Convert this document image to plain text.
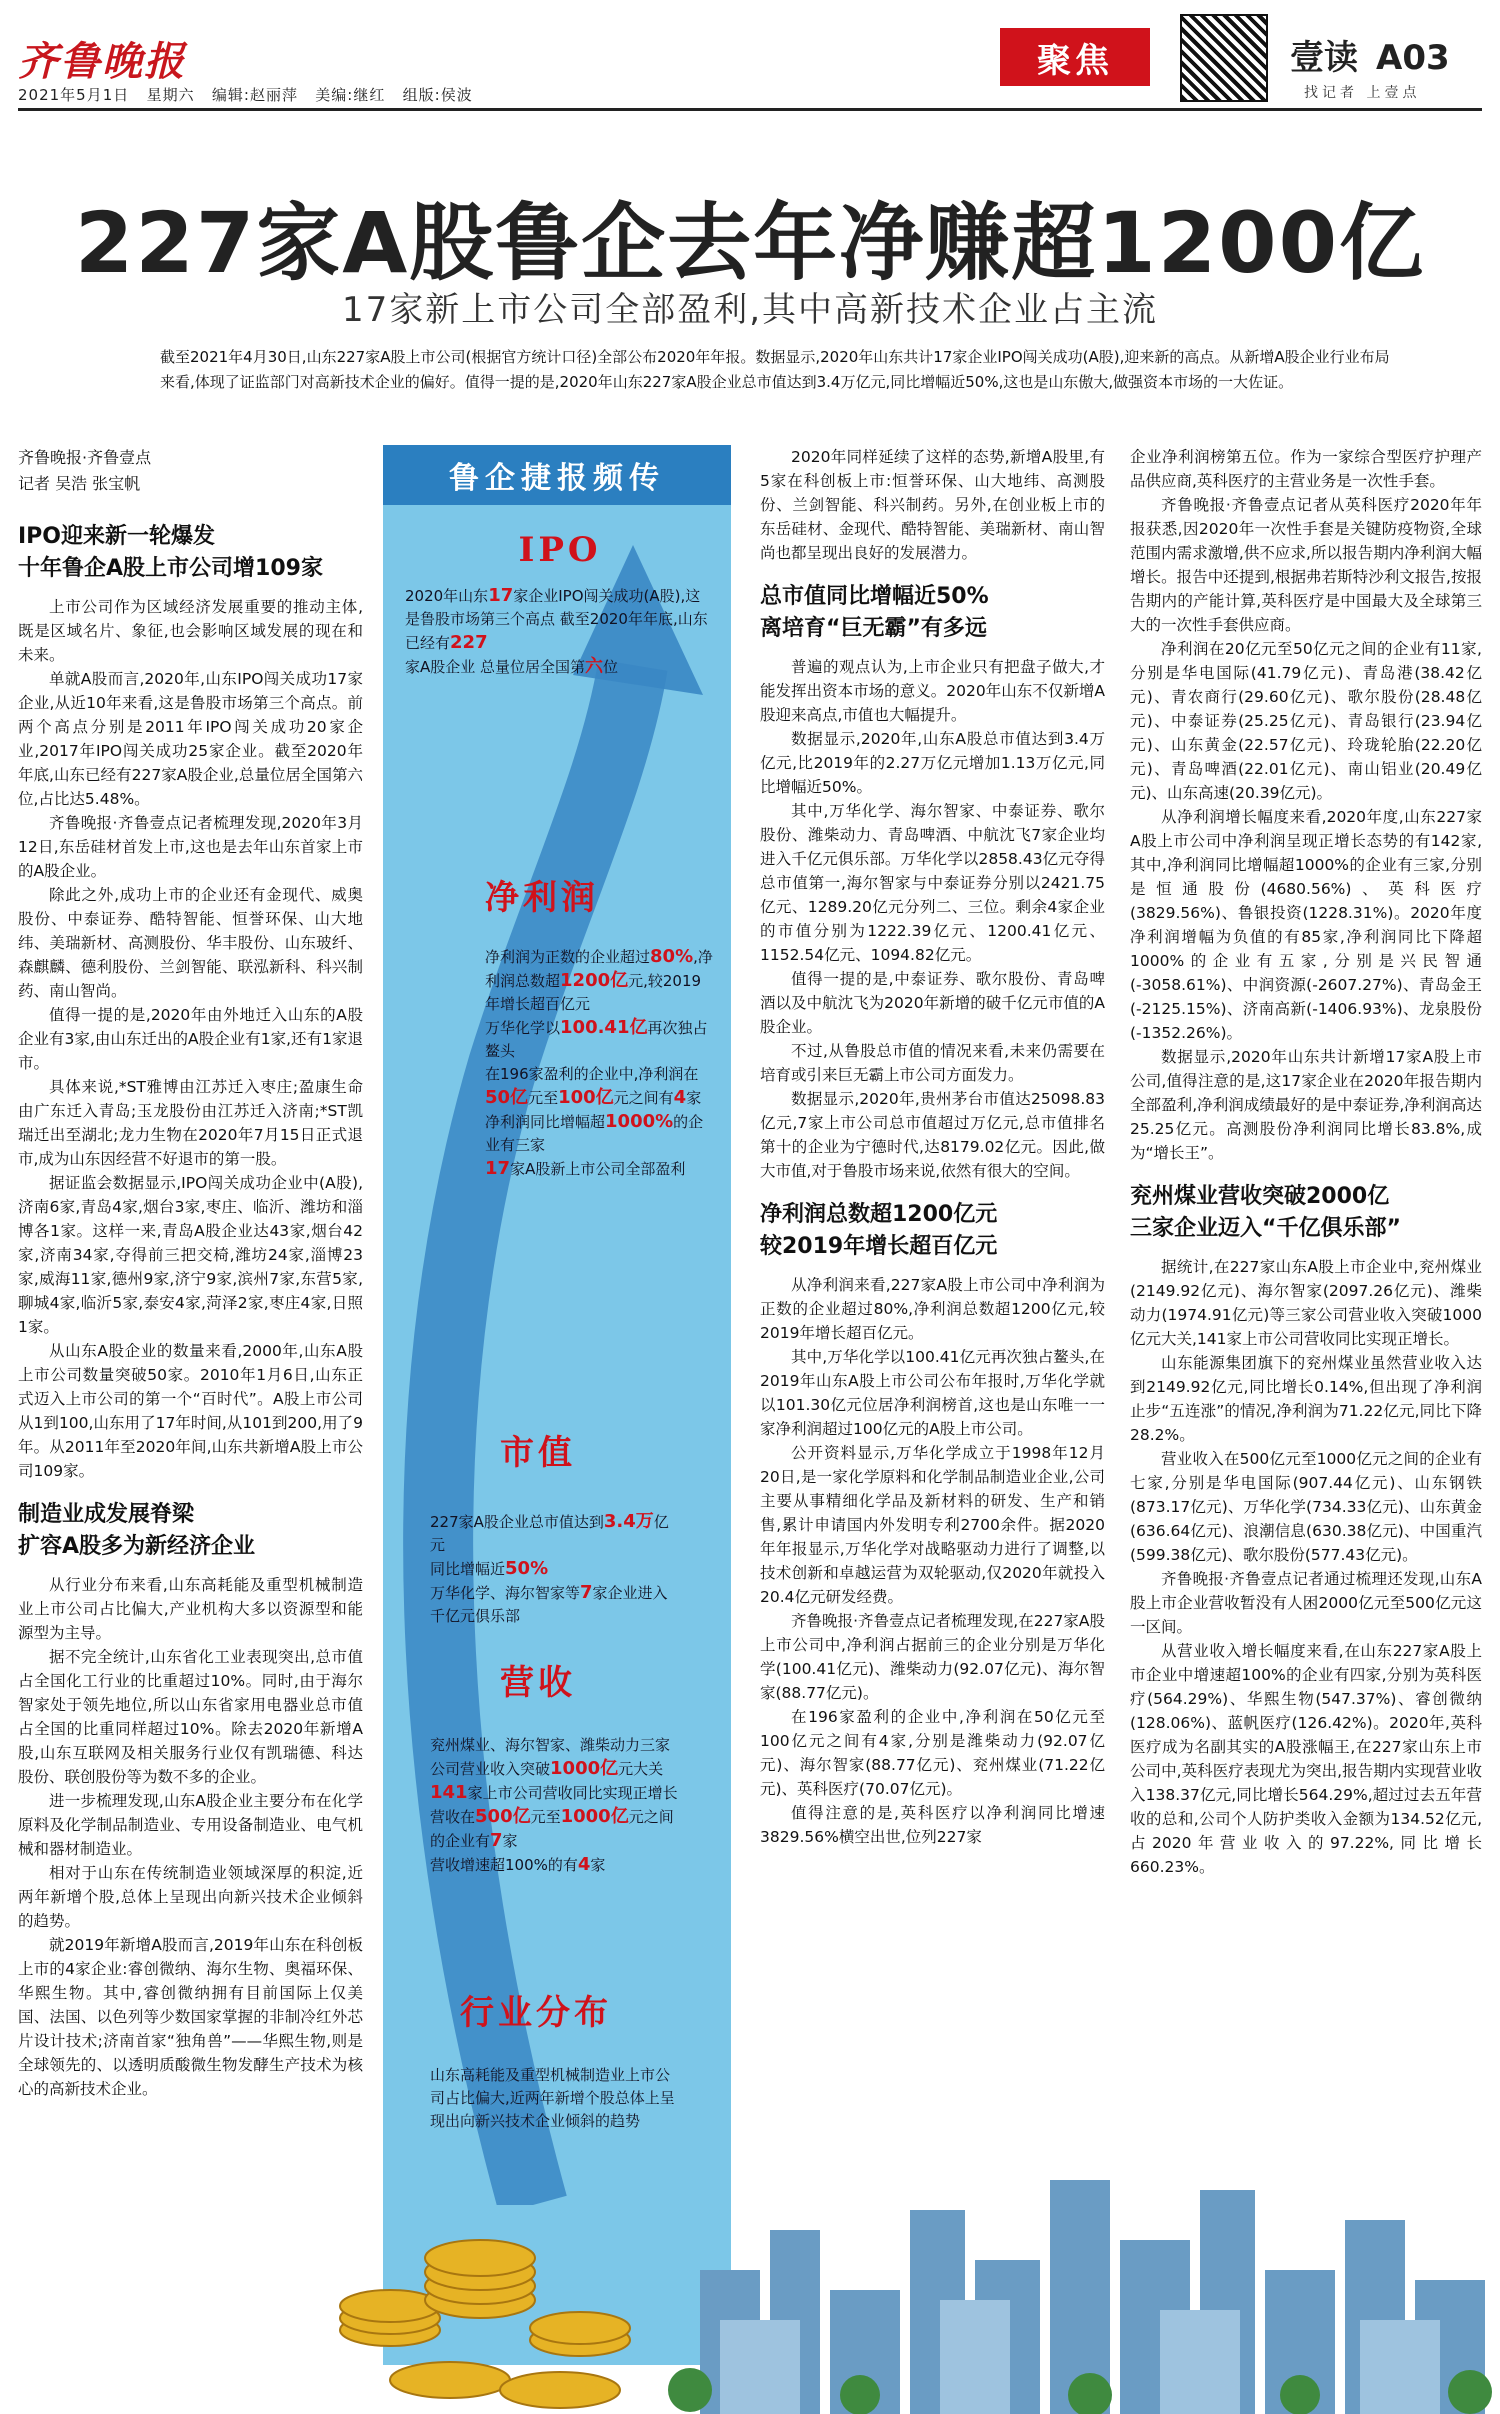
齐鲁晚报
2021年5月1日 星期六 编辑:赵丽萍 美编:继红 组版:侯波
聚焦	壹读 A03
找记者 上壹点
227家A股鲁企去年净赚超1200亿
17家新上市公司全部盈利,其中高新技术企业占主流
截至2021年4月30日,山东227家A股上市公司(根据官方统计口径)全部公布2020年年报。数据显示,2020年山东共计17家企业IPO闯关成功(A股),迎来新的高点。从新增A股企业行业布局来看,体现了证监部门对高新技术企业的偏好。值得一提的是,2020年山东227家A股企业总市值达到3.4万亿元,同比增幅近50%,这也是山东傲大,做强资本市场的一大佐证。
齐鲁晚报·齐鲁壹点
记者 吴浩 张宝帆
IPO迎来新一轮爆发
十年鲁企A股上市公司增109家

上市公司作为区域经济发展重要的推动主体,既是区域名片、象征,也会影响区域发展的现在和未来。

单就A股而言,2020年,山东IPO闯关成功17家企业,从近10年来看,这是鲁股市场第三个高点。前两个高点分别是2011年IPO闯关成功20家企业,2017年IPO闯关成功25家企业。截至2020年年底,山东已经有227家A股企业,总量位居全国第六位,占比达5.48%。

齐鲁晚报·齐鲁壹点记者梳理发现,2020年3月12日,东岳硅材首发上市,这也是去年山东首家上市的A股企业。

除此之外,成功上市的企业还有金现代、威奥股份、中泰证券、酷特智能、恒誉环保、山大地纬、美瑞新材、高测股份、华丰股份、山东玻纤、森麒麟、德利股份、兰剑智能、联泓新科、科兴制药、南山智尚。

值得一提的是,2020年由外地迁入山东的A股企业有3家,由山东迁出的A股企业有1家,还有1家退市。

具体来说,*ST雅博由江苏迁入枣庄;盈康生命由广东迁入青岛;玉龙股份由江苏迁入济南;*ST凯瑞迁出至湖北;龙力生物在2020年7月15日正式退市,成为山东因经营不好退市的第一股。

据证监会数据显示,IPO闯关成功企业中(A股),济南6家,青岛4家,烟台3家,枣庄、临沂、潍坊和淄博各1家。这样一来,青岛A股企业达43家,烟台42家,济南34家,夺得前三把交椅,潍坊24家,淄博23家,威海11家,德州9家,济宁9家,滨州7家,东营5家,聊城4家,临沂5家,泰安4家,菏泽2家,枣庄4家,日照1家。

从山东A股企业的数量来看,2000年,山东A股上市公司数量突破50家。2010年1月6日,山东正式迈入上市公司的第一个“百时代”。A股上市公司从1到100,山东用了17年时间,从101到200,用了9年。从2011年至2020年间,山东共新增A股上市公司109家。

制造业成发展脊梁
扩容A股多为新经济企业

从行业分布来看,山东高耗能及重型机械制造业上市公司占比偏大,产业机构大多以资源型和能源型为主导。

据不完全统计,山东省化工业表现突出,总市值占全国化工行业的比重超过10%。同时,由于海尔智家处于领先地位,所以山东省家用电器业总市值占全国的比重同样超过10%。除去2020年新增A股,山东互联网及相关服务行业仅有凯瑞德、科达股份、联创股份等为数不多的企业。

进一步梳理发现,山东A股企业主要分布在化学原料及化学制品制造业、专用设备制造业、电气机械和器材制造业。

相对于山东在传统制造业领域深厚的积淀,近两年新增个股,总体上呈现出向新兴技术企业倾斜的趋势。

就2019年新增A股而言,2019年山东在科创板上市的4家企业:睿创微纳、海尔生物、奥福环保、华熙生物。其中,睿创微纳拥有目前国际上仅美国、法国、以色列等少数国家掌握的非制冷红外芯片设计技术;济南首家“独角兽”——华熙生物,则是全球领先的、以透明质酸微生物发酵生产技术为核心的高新技术企业。

鲁企捷报频传
IPO
2020年山东17家企业IPO闯关成功(A股),这是鲁股市场第三个高点 截至2020年年底,山东已经有227
家A股企业 总量位居全国第六位
净利润
净利润为正数的企业超过80%,净利润总数超1200亿元,较2019年增长超百亿元
万华化学以100.41亿再次独占鳌头
在196家盈利的企业中,净利润在50亿元至100亿元之间有4家
净利润同比增幅超1000%的企业有三家
17家A股新上市公司全部盈利
市值
227家A股企业总市值达到3.4万亿元
同比增幅近50%
万华化学、海尔智家等7家企业进入千亿元俱乐部
营收
兖州煤业、海尔智家、潍柴动力三家公司营业收入突破1000亿元大关
141家上市公司营收同比实现正增长
营收在500亿元至1000亿元之间的企业有7家
营收增速超100%的有4家
行业分布
山东高耗能及重型机械制造业上市公司占比偏大,近两年新增个股总体上呈现出向新兴技术企业倾斜的趋势

2020年同样延续了这样的态势,新增A股里,有5家在科创板上市:恒誉环保、山大地纬、高测股份、兰剑智能、科兴制药。另外,在创业板上市的东岳硅材、金现代、酷特智能、美瑞新材、南山智尚也都呈现出良好的发展潜力。

总市值同比增幅近50%
离培育“巨无霸”有多远

普遍的观点认为,上市企业只有把盘子做大,才能发挥出资本市场的意义。2020年山东不仅新增A股迎来高点,市值也大幅提升。

数据显示,2020年,山东A股总市值达到3.4万亿元,比2019年的2.27万亿元增加1.13万亿元,同比增幅近50%。

其中,万华化学、海尔智家、中泰证券、歌尔股份、潍柴动力、青岛啤酒、中航沈飞7家企业均进入千亿元俱乐部。万华化学以2858.43亿元夺得总市值第一,海尔智家与中泰证券分别以2421.75亿元、1289.20亿元分列二、三位。剩余4家企业的市值分别为1222.39亿元、1200.41亿元、1152.54亿元、1094.82亿元。

值得一提的是,中泰证券、歌尔股份、青岛啤酒以及中航沈飞为2020年新增的破千亿元市值的A股企业。

不过,从鲁股总市值的情况来看,未来仍需要在培育或引来巨无霸上市公司方面发力。

数据显示,2020年,贵州茅台市值达25098.83亿元,7家上市公司总市值超过万亿元,总市值排名第十的企业为宁德时代,达8179.02亿元。因此,做大市值,对于鲁股市场来说,依然有很大的空间。

净利润总数超1200亿元
较2019年增长超百亿元

从净利润来看,227家A股上市公司中净利润为正数的企业超过80%,净利润总数超1200亿元,较2019年增长超百亿元。

其中,万华化学以100.41亿元再次独占鳌头,在2019年山东A股上市公司公布年报时,万华化学就以101.30亿元位居净利润榜首,这也是山东唯一一家净利润超过100亿元的A股上市公司。

公开资料显示,万华化学成立于1998年12月20日,是一家化学原料和化学制品制造业企业,公司主要从事精细化学品及新材料的研发、生产和销售,累计申请国内外发明专利2700余件。据2020年年报显示,万华化学对战略驱动力进行了调整,以技术创新和卓越运营为双轮驱动,仅2020年就投入20.4亿元研发经费。

齐鲁晚报·齐鲁壹点记者梳理发现,在227家A股上市公司中,净利润占据前三的企业分别是万华化学(100.41亿元)、潍柴动力(92.07亿元)、海尔智家(88.77亿元)。

在196家盈利的企业中,净利润在50亿元至100亿元之间有4家,分别是潍柴动力(92.07亿元)、海尔智家(88.77亿元)、兖州煤业(71.22亿元)、英科医疗(70.07亿元)。

值得注意的是,英科医疗以净利润同比增速3829.56%横空出世,位列227家

企业净利润榜第五位。作为一家综合型医疗护理产品供应商,英科医疗的主营业务是一次性手套。

齐鲁晚报·齐鲁壹点记者从英科医疗2020年年报获悉,因2020年一次性手套是关键防疫物资,全球范围内需求激增,供不应求,所以报告期内净利润大幅增长。报告中还提到,根据弗若斯特沙利文报告,按报告期内的产能计算,英科医疗是中国最大及全球第三大的一次性手套供应商。

净利润在20亿元至50亿元之间的企业有11家,分别是华电国际(41.79亿元)、青岛港(38.42亿元)、青农商行(29.60亿元)、歌尔股份(28.48亿元)、中泰证券(25.25亿元)、青岛银行(23.94亿元)、山东黄金(22.57亿元)、玲珑轮胎(22.20亿元)、青岛啤酒(22.01亿元)、南山铝业(20.49亿元)、山东高速(20.39亿元)。

从净利润增长幅度来看,2020年度,山东227家A股上市公司中净利润呈现正增长态势的有142家,其中,净利润同比增幅超1000%的企业有三家,分别是恒通股份(4680.56%)、英科医疗(3829.56%)、鲁银投资(1228.31%)。2020年度净利润增幅为负值的有85家,净利润同比下降超1000%的企业有五家,分别是兴民智通(-3058.61%)、中润资源(-2607.27%)、青岛金王(-2125.15%)、济南高新(-1406.93%)、龙泉股份(-1352.26%)。

数据显示,2020年山东共计新增17家A股上市公司,值得注意的是,这17家企业在2020年报告期内全部盈利,净利润成绩最好的是中泰证券,净利润高达25.25亿元。高测股份净利润同比增长83.8%,成为“增长王”。

兖州煤业营收突破2000亿
三家企业迈入“千亿俱乐部”

据统计,在227家山东A股上市企业中,兖州煤业(2149.92亿元)、海尔智家(2097.26亿元)、潍柴动力(1974.91亿元)等三家公司营业收入突破1000亿元大关,141家上市公司营收同比实现正增长。

山东能源集团旗下的兖州煤业虽然营业收入达到2149.92亿元,同比增长0.14%,但出现了净利润止步“五连涨”的情况,净利润为71.22亿元,同比下降28.2%。

营业收入在500亿元至1000亿元之间的企业有七家,分别是华电国际(907.44亿元)、山东钢铁(873.17亿元)、万华化学(734.33亿元)、山东黄金(636.64亿元)、浪潮信息(630.38亿元)、中国重汽(599.38亿元)、歌尔股份(577.43亿元)。

齐鲁晚报·齐鲁壹点记者通过梳理还发现,山东A股上市企业营收暂没有人困2000亿元至500亿元这一区间。

从营业收入增长幅度来看,在山东227家A股上市企业中增速超100%的企业有四家,分别为英科医疗(564.29%)、华熙生物(547.37%)、睿创微纳(128.06%)、蓝帆医疗(126.42%)。2020年,英科医疗成为名副其实的A股涨幅王,在227家山东上市公司中,英科医疗表现尤为突出,报告期内实现营业收入138.37亿元,同比增长564.29%,超过过去五年营收的总和,公司个人防护类收入金额为134.52亿元,占2020年营业收入的97.22%,同比增长660.23%。
